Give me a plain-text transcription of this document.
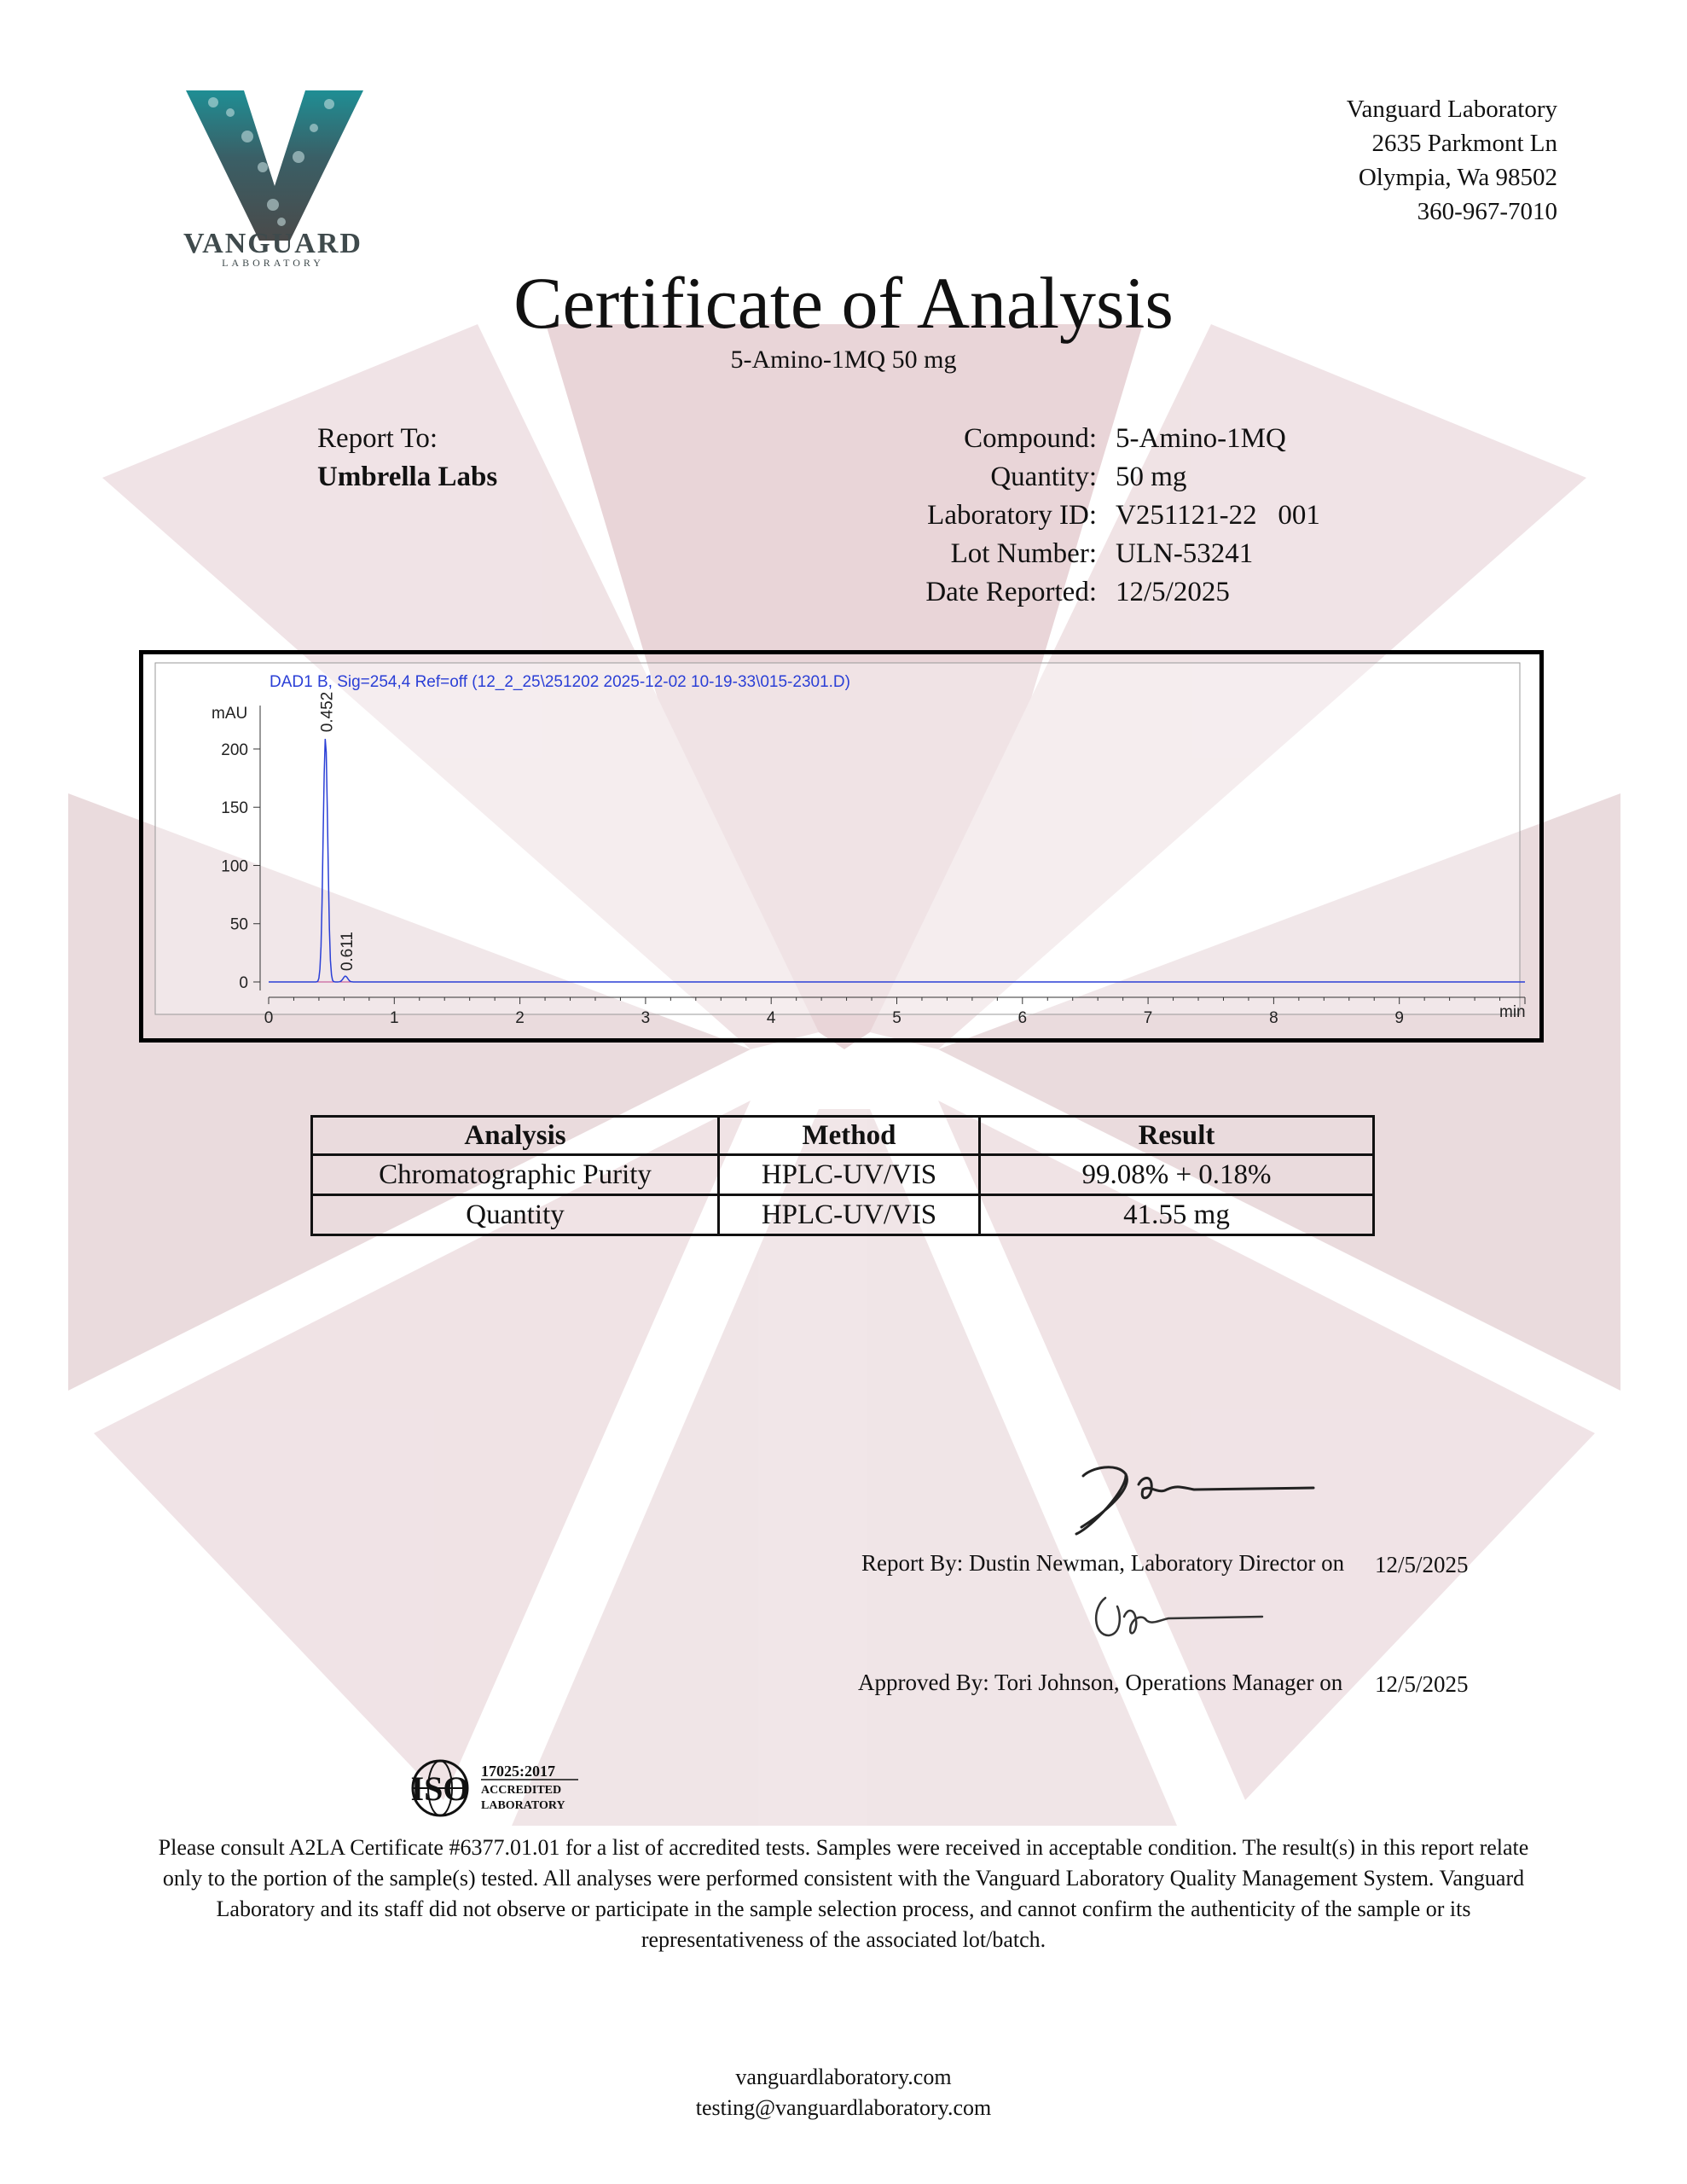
VANGUARD
LABORATORY
Vanguard Laboratory
2635 Parkmont Ln
Olympia, Wa 98502
360-967-7010
Certificate of Analysis
5-Amino-1MQ 50 mg
Report To:
Umbrella Labs
Compound: 5-Amino-1MQ
Quantity: 50 mg
Laboratory ID: V251121-22   001
Lot Number: ULN-53241
Date Reported: 12/5/2025
DAD1 B, Sig=254,4 Ref=off (12_2_25\251202 2025-12-02 10-19-33\015-2301.D)
mAU
min
0
50
100
150
200
0	1	2	3	4	5	6	7	8	9
0.452
0.611
Analysis	Method	Result
Chromatographic Purity	HPLC-UV/VIS	99.08% + 0.18%
Quantity	HPLC-UV/VIS	41.55 mg
Report By: Dustin Newman, Laboratory Director on 12/5/2025
Approved By: Tori Johnson, Operations Manager on 12/5/2025
ISO 17025:2017
ACCREDITED
LABORATORY
Please consult A2LA Certificate #6377.01.01 for a list of accredited tests. Samples were received in acceptable condition. The result(s) in this report relate only to the portion of the sample(s) tested. All analyses were performed consistent with the Vanguard Laboratory Quality Management System. Vanguard Laboratory and its staff did not observe or participate in the sample selection process, and cannot confirm the authenticity of the sample or its representativeness of the associated lot/batch.
vanguardlaboratory.com
testing@vanguardlaboratory.com
